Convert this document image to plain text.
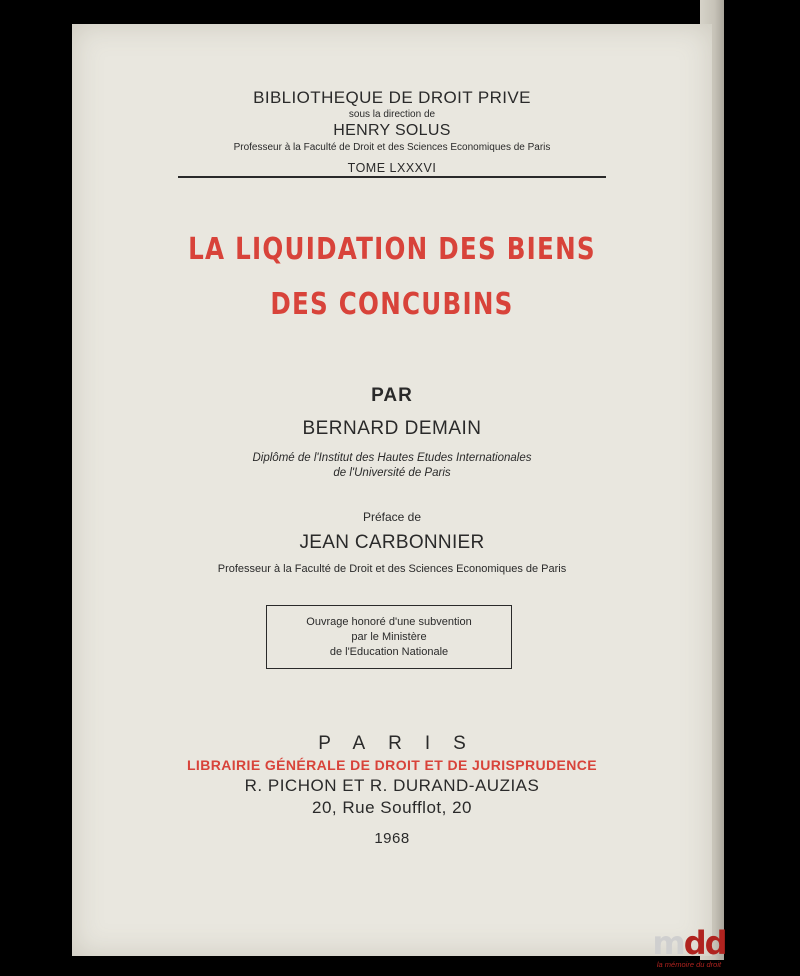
BIBLIOTHEQUE DE DROIT PRIVE
sous la direction de
HENRY SOLUS
Professeur à la Faculté de Droit et des Sciences Economiques de Paris
TOME LXXXVI
LA LIQUIDATION DES BIENS
DES CONCUBINS
PAR
BERNARD DEMAIN
Diplômé de l'Institut des Hautes Etudes Internationales
de l'Université de Paris
Préface de
JEAN CARBONNIER
Professeur à la Faculté de Droit et des Sciences Economiques de Paris
Ouvrage honoré d'une subvention
par le Ministère
de l'Education Nationale
PARIS
LIBRAIRIE GÉNÉRALE DE DROIT ET DE JURISPRUDENCE
R. PICHON ET R. DURAND-AUZIAS
20, Rue Soufflot, 20
1968
mdd
la mémoire du droit
